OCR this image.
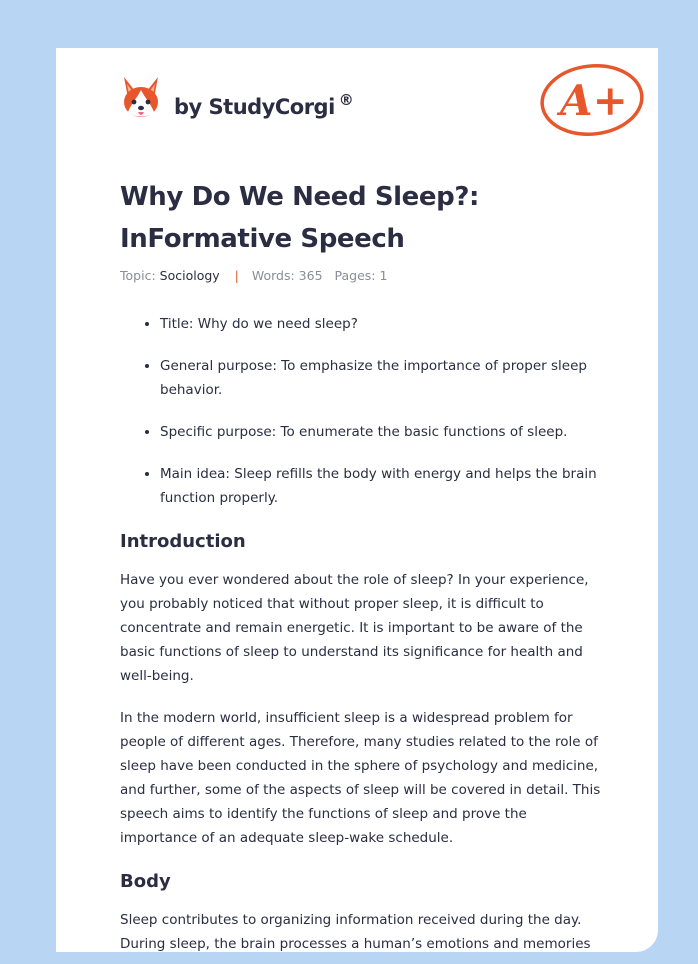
by StudyCorgi ®	A+
Why Do We Need Sleep?: InFormative Speech
Topic: Sociology | Words: 365 Pages: 1
• Title: Why do we need sleep?
• General purpose: To emphasize the importance of proper sleep behavior.
• Specific purpose: To enumerate the basic functions of sleep.
• Main idea: Sleep refills the body with energy and helps the brain function properly.
Introduction

Have you ever wondered about the role of sleep? In your experience, you probably noticed that without proper sleep, it is difficult to concentrate and remain energetic. It is important to be aware of the basic functions of sleep to understand its significance for health and well-being.

In the modern world, insufficient sleep is a widespread problem for people of different ages. Therefore, many studies related to the role of sleep have been conducted in the sphere of psychology and medicine, and further, some of the aspects of sleep will be covered in detail. This speech aims to identify the functions of sleep and prove the importance of an adequate sleep-wake schedule.

Body

Sleep contributes to organizing information received during the day. During sleep, the brain processes a human’s emotions and memories
